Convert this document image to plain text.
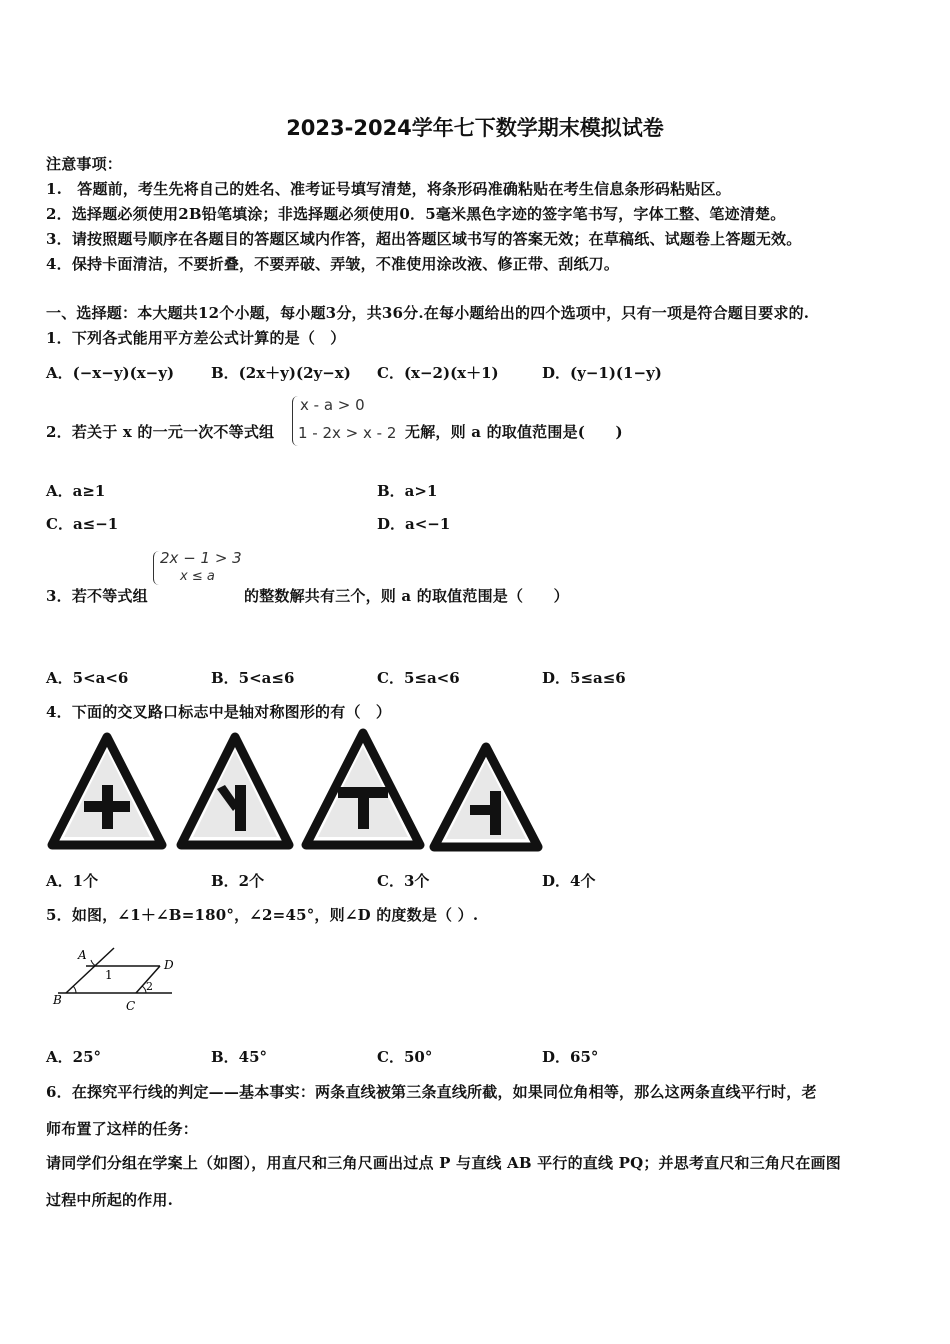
2023-2024学年七下数学期末模拟试卷
注意事项：
1.　答题前，考生先将自己的姓名、准考证号填写清楚，将条形码准确粘贴在考生信息条形码粘贴区。
2．选择题必须使用2B铅笔填涂；非选择题必须使用0．5毫米黑色字迹的签字笔书写，字体工整、笔迹清楚。
3．请按照题号顺序在各题目的答题区域内作答，超出答题区域书写的答案无效；在草稿纸、试题卷上答题无效。
4．保持卡面清洁，不要折叠，不要弄破、弄皱，不准使用涂改液、修正带、刮纸刀。
一、选择题：本大题共12个小题，每小题3分，共36分.在每小题给出的四个选项中，只有一项是符合题目要求的.
1．下列各式能用平方差公式计算的是（　）
A．(−x−y)(x−y) B．(2x＋y)(2y−x) C．(x−2)(x＋1)	D．(y−1)(1−y)
2．若关于 x 的一元一次不等式组
x - a > 0
1 - 2x > x - 2 无解，则 a 的取值范围是(　　)
A．a≥1	B．a>1
C．a≤−1	D．a<−1
3．若不等式组
2x − 1 > 3
x ≤ a
的整数解共有三个，则 a 的取值范围是（　　）
A．5<a<6	B．5<a≤6	C．5≤a<6	D．5≤a≤6
4．下面的交叉路口标志中是轴对称图形的有（　）
A．1个	B．2个	C．3个	D．4个
5．如图，∠1＋∠B=180°，∠2=45°，则∠D 的度数是（ ）.
A
1
D
2
B	C
A．25°	B．45°	C．50°	D．65°
6．在探究平行线的判定——基本事实：两条直线被第三条直线所截，如果同位角相等，那么这两条直线平行时，老
师布置了这样的任务：
请同学们分组在学案上（如图），用直尺和三角尺画出过点 P 与直线 AB 平行的直线 PQ；并思考直尺和三角尺在画图
过程中所起的作用.
